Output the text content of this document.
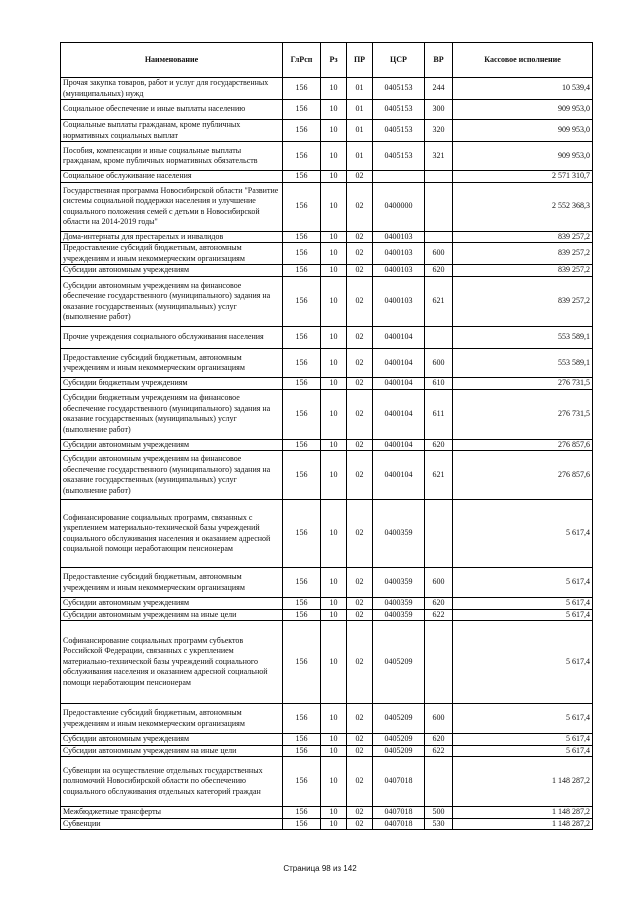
Наименование	ГлРсп	Рз	ПР	ЦСР	ВР	Кассовое исполнение
Прочая закупка товаров, работ и услуг для государственных (муниципальных) нужд	156	10	01	0405153	244	10 539,4
Социальное обеспечение и иные выплаты населению	156	10	01	0405153	300	909 953,0
Социальные выплаты гражданам, кроме публичных нормативных социальных выплат	156	10	01	0405153	320	909 953,0
Пособия, компенсации и иные социальные выплаты гражданам, кроме публичных нормативных обязательств	156	10	01	0405153	321	909 953,0
Социальное обслуживание населения	156	10	02			2 571 310,7
Государственная программа Новосибирской области "Развитие системы социальной поддержки населения и улучшение социального положения семей с детьми в Новосибирской области на 2014-2019 годы"	156	10	02	0400000		2 552 368,3
Дома-интернаты для престарелых и инвалидов	156	10	02	0400103		839 257,2
Предоставление субсидий бюджетным, автономным учреждениям и иным некоммерческим организациям	156	10	02	0400103	600	839 257,2
Субсидии автономным учреждениям	156	10	02	0400103	620	839 257,2
Субсидии автономным учреждениям на финансовое обеспечение государственного (муниципального) задания на оказание государственных (муниципальных) услуг (выполнение работ)	156	10	02	0400103	621	839 257,2
Прочие учреждения социального обслуживания населения	156	10	02	0400104		553 589,1
Предоставление субсидий бюджетным, автономным учреждениям и иным некоммерческим организациям	156	10	02	0400104	600	553 589,1
Субсидии бюджетным учреждениям	156	10	02	0400104	610	276 731,5
Субсидии бюджетным учреждениям на финансовое обеспечение государственного (муниципального) задания на оказание государственных (муниципальных) услуг (выполнение работ)	156	10	02	0400104	611	276 731,5
Субсидии автономным учреждениям	156	10	02	0400104	620	276 857,6
Субсидии автономным учреждениям на финансовое обеспечение государственного (муниципального) задания на оказание государственных (муниципальных) услуг (выполнение работ)	156	10	02	0400104	621	276 857,6
Софинансирование социальных программ, связанных с укреплением материально-технической базы учреждений социального обслуживания населения и оказанием адресной социальной помощи неработающим пенсионерам	156	10	02	0400359		5 617,4
Предоставление субсидий бюджетным, автономным учреждениям и иным некоммерческим организациям	156	10	02	0400359	600	5 617,4
Субсидии автономным учреждениям	156	10	02	0400359	620	5 617,4
Субсидии автономным учреждениям на иные цели	156	10	02	0400359	622	5 617,4
Софинансирование социальных программ субъектов Российской Федерации, связанных с укреплением материально-технической базы учреждений социального обслуживания населения и оказанием адресной социальной помощи неработающим пенсионерам	156	10	02	0405209		5 617,4
Предоставление субсидий бюджетным, автономным учреждениям и иным некоммерческим организациям	156	10	02	0405209	600	5 617,4
Субсидии автономным учреждениям	156	10	02	0405209	620	5 617,4
Субсидии автономным учреждениям на иные цели	156	10	02	0405209	622	5 617,4
Субвенции на осуществление отдельных государственных полномочий Новосибирской области по обеспечению социального обслуживания отдельных категорий граждан	156	10	02	0407018		1 148 287,2
Межбюджетные трансферты	156	10	02	0407018	500	1 148 287,2
Субвенции	156	10	02	0407018	530	1 148 287,2
Страница 98 из 142
